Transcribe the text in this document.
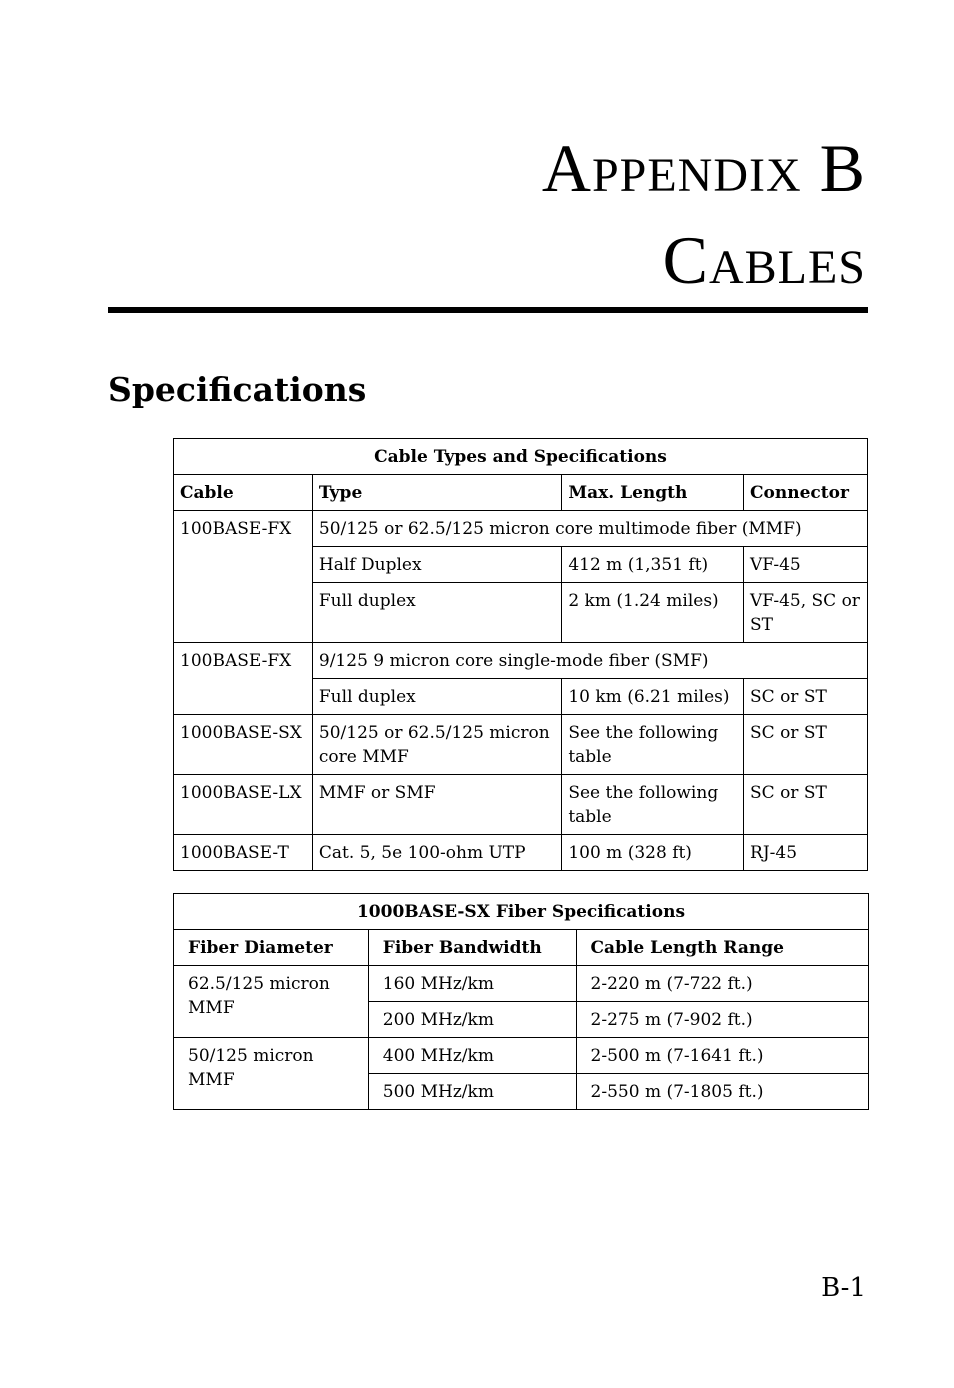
Appendix B
Cables
Specifications
Cable Types and Specifications			
Cable	Type	Max. Length	Connector
100BASE-FX	50/125 or 62.5/125 micron core multimode fiber (MMF)		
	Half Duplex	412 m (1,351 ft)	VF-45
	Full duplex	2 km (1.24 miles)	VF-45, SC or ST
100BASE-FX	9/125 9 micron core single-mode fiber (SMF)		
	Full duplex	10 km (6.21 miles)	SC or ST
1000BASE-SX	50/125 or 62.5/125 micron core MMF	See the following table	SC or ST
1000BASE-LX	MMF or SMF	See the following table	SC or ST
1000BASE-T	Cat. 5, 5e 100-ohm UTP	100 m (328 ft)	RJ-45
1000BASE-SX Fiber Specifications		
Fiber Diameter	Fiber Bandwidth	Cable Length Range
62.5/125 micron MMF	160 MHz/km	2-220 m (7-722 ft.)
	200 MHz/km	2-275 m (7-902 ft.)
50/125 micron MMF	400 MHz/km	2-500 m (7-1641 ft.)
	500 MHz/km	2-550 m (7-1805 ft.)
B-1
